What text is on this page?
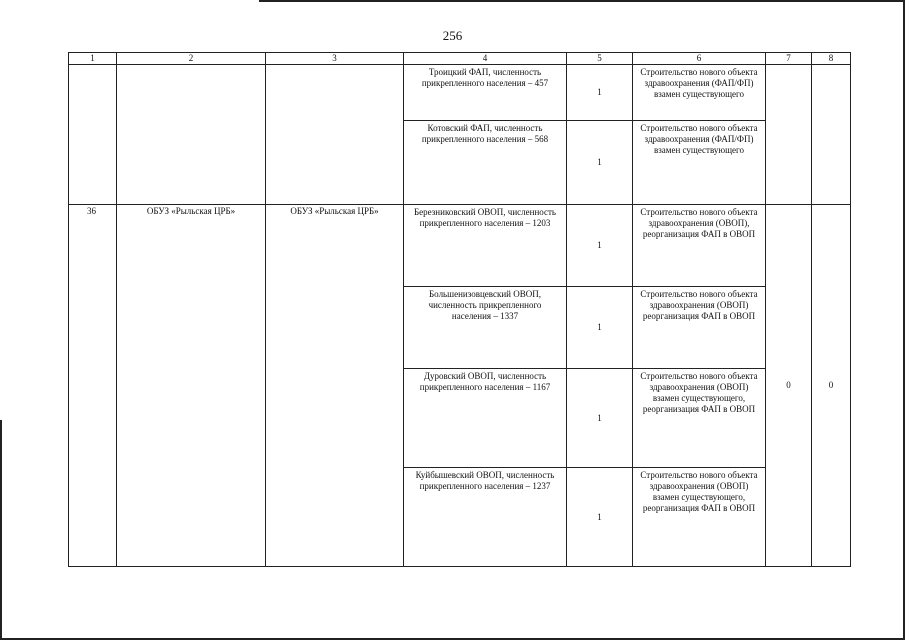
256
1	2	3	4	5	6	7	8
			Троицкий ФАП, численность прикрепленного населения – 457	1	Строительство нового объекта здравоохранения (ФАП/ФП) взамен существующего		
			Котовский ФАП, численность прикрепленного населения – 568	1	Строительство нового объекта здравоохранения (ФАП/ФП) взамен существующего		
36	ОБУЗ «Рыльская ЦРБ»	ОБУЗ «Рыльская ЦРБ»	Березниковский ОВОП, численность прикрепленного населения – 1203	1	Строительство нового объекта здравоохранения (ОВОП), реорганизация ФАП в ОВОП	0	0
			Большенизовцевский ОВОП, численность прикрепленного населения – 1337	1	Строительство нового объекта здравоохранения (ОВОП) реорганизация ФАП в ОВОП		
			Дуровский ОВОП, численность прикрепленного населения – 1167	1	Строительство нового объекта здравоохранения (ОВОП) взамен существующего, реорганизация ФАП в ОВОП		
			Куйбышевский ОВОП, численность прикрепленного населения – 1237	1	Строительство нового объекта здравоохранения (ОВОП) взамен существующего, реорганизация ФАП в ОВОП		
